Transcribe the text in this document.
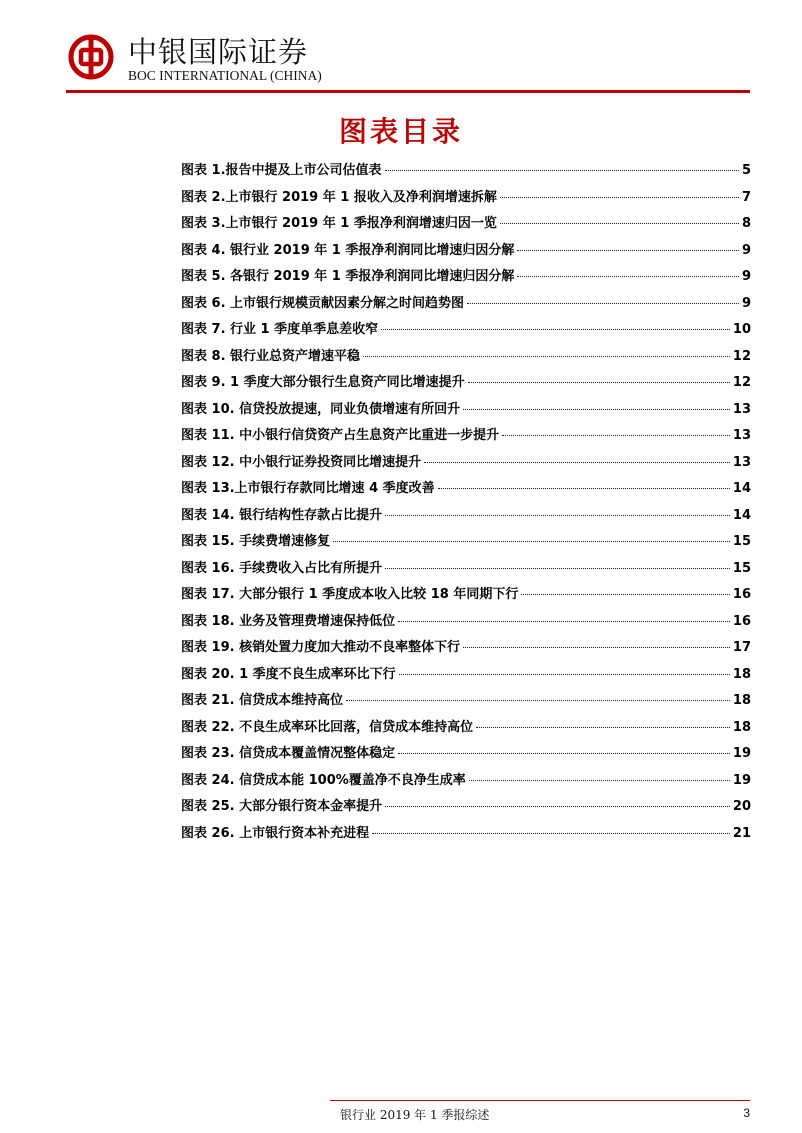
中银国际证券
BOC INTERNATIONAL (CHINA)
图表目录
图表 1.报告中提及上市公司估值表	5
图表 2.上市银行 2019 年 1 报收入及净利润增速拆解	7
图表 3.上市银行 2019 年 1 季报净利润增速归因一览	8
图表 4. 银行业 2019 年 1 季报净利润同比增速归因分解	9
图表 5. 各银行 2019 年 1 季报净利润同比增速归因分解	9
图表 6. 上市银行规模贡献因素分解之时间趋势图	9
图表 7. 行业 1 季度单季息差收窄	10
图表 8. 银行业总资产增速平稳	12
图表 9. 1 季度大部分银行生息资产同比增速提升	12
图表 10. 信贷投放提速，同业负债增速有所回升	13
图表 11. 中小银行信贷资产占生息资产比重进一步提升	13
图表 12. 中小银行证券投资同比增速提升	13
图表 13.上市银行存款同比增速 4 季度改善	14
图表 14. 银行结构性存款占比提升	14
图表 15. 手续费增速修复	15
图表 16. 手续费收入占比有所提升	15
图表 17. 大部分银行 1 季度成本收入比较 18 年同期下行	16
图表 18. 业务及管理费增速保持低位	16
图表 19. 核销处置力度加大推动不良率整体下行	17
图表 20. 1 季度不良生成率环比下行	18
图表 21. 信贷成本维持高位	18
图表 22. 不良生成率环比回落，信贷成本维持高位	18
图表 23. 信贷成本覆盖情况整体稳定	19
图表 24. 信贷成本能 100%覆盖净不良净生成率	19
图表 25. 大部分银行资本金率提升	20
图表 26. 上市银行资本补充进程	21
银行业 2019 年 1 季报综述	3
